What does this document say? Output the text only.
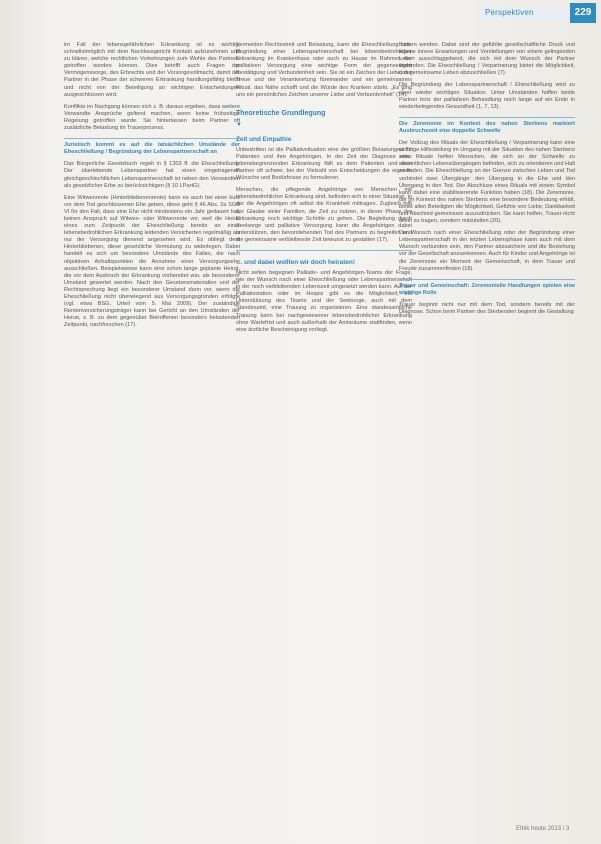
Perspektiven	229

im Fall der lebensgefährlichen Erkrankung ist es wichtig, schnellstmöglich mit dem Nachlassgericht Kontakt aufzunehmen und zu klären, welche rechtlichen Vorkehrungen zum Wohle des Partners getroffen werden können. Dies betrifft auch Fragen der Vermögenssorge, des Erbrechts und der Vorsorgevollmacht, damit der Partner in der Phase der schweren Erkrankung handlungsfähig bleibt und nicht von der Beteiligung an wichtigen Entscheidungen ausgeschlossen wird.

Konflikte im Nachgang können sich z. B. daraus ergeben, dass weitere Verwandte Ansprüche geltend machen, wenn keine frühzeitige Regelung getroffen wurde. Sie hinterlassen beim Partner oft zusätzliche Belastung im Trauerprozess.

Juristisch kommt es auf die tatsächlichen Umstände der Eheschließung / Begründung der Lebenspartnerschaft an

Das Bürgerliche Gesetzbuch regelt in § 1303 ff. die Eheschließung. Der überlebende Lebenspartner hat einen eingetragenen gleichgeschlechtlichen Lebenspartnerschaft ist neben den Verwandten als gesetzlicher Erbe zu berücksichtigen (§ 10 LPartG).

Eine Witwenrente (Hinterbliebenenrente) kann es auch bei einer kurz vor dem Tod geschlossenen Ehe geben, diese geht § 46 Abs. 2a SGB VI für den Fall, dass eine Ehe nicht mindestens ein Jahr gedauert hat, keinen Anspruch auf Witwen- oder Witwerrente vor, weil die Heirat eines zum Zeitpunkt der Eheschließung bereits an einer lebensbedrohlichen Erkrankung leidenden Versicherten regelmäßig als nur der Versorgung dienend angesehen wird. Es obliegt dem Hinterbliebenen, diese gesetzliche Vermutung zu widerlegen. Dabei handelt es sich um besondere Umstände des Falles, die nach objektiven Anhaltspunkten die Annahme einer Versorgungsehe ausschließen. Beispielsweise kann eine schon lange geplante Heirat, die vor dem Ausbruch der Erkrankung vorbereitet war, als besonderer Umstand gewertet werden. Nach den Gesetzesmaterialien und der Rechtsprechung liegt ein besonderer Umstand dann vor, wenn die Eheschließung nicht überwiegend aus Versorgungsgründen erfolgte (vgl. etwa BSG, Urteil vom 5. Mai 2009). Der zuständige Rentenversicherungsträger kann bei Gericht an den Umständen der Heirat, z. B. zu dem gegenüber Betroffenen besonders belastenden Zeitpunkt, nachforschen (17).

Vermeiden Rechtsstreit und Belastung, kann die Eheschließung bzw. Begründung einer Lebenspartnerschaft bei lebensbedrohlicher Erkrankung im Krankenhaus oder auch zu Hause im Rahmen der palliativen Versorgung eine wichtige Form der gegenseitigen Bestätigung und Verbundenheit sein. Sie ist ein Zeichen der Liebe, der Treue und der Verantwortung füreinander und ein gemeinsames Ritual, das Nähe schafft und die Würde des Kranken stärkt. „Es ging uns ein persönliches Zeichen unserer Liebe und Verbundenheit“ (14).

Theoretische Grundlegung
▼
Zeit und Empathie

Unbestritten ist die Palliativsituation eine der größten Belastungen für Patienten und ihre Angehörigen. In der Zeit der Diagnose einer lebensbegrenzenden Erkrankung fällt es dem Patienten und dem Partner oft schwer, bei der Vielzahl von Entscheidungen die eigenen Wünsche und Bedürfnisse zu formulieren.

Menschen, die pflegende Angehörige von Menschen mit lebensbedrohlicher Erkrankung sind, befinden sich in einer Situation, in der die Angehörigen oft selbst die Krankheit mittragen. Zugleich hilft der Glaube vieler Familien, die Zeit zu nutzen, in dieser Phase der Erkrankung noch wichtige Schritte zu gehen. Die Begleitung durch Seelsorge und palliative Versorgung kann die Angehörigen dabei unterstützen, den bevorstehenden Tod des Partners zu begreifen und die gemeinsame verbleibende Zeit bewusst zu gestalten (17).

… und dabei wollten wir doch heiraten!

Nicht selten begegnen Palliativ- und Angehörigen-Teams der Frage, wie der Wunsch nach einer Eheschließung oder Lebenspartnerschaft in der noch verbleibenden Lebenszeit umgesetzt werden kann. Auf der Palliativstation oder im Hospiz gibt es die Möglichkeit, mit Unterstützung des Teams und der Seelsorge, auch mit dem Standesamt, eine Trauung zu organisieren. Eine standesamtliche Trauung kann bei nachgewiesener lebensbedrohlicher Erkrankung ohne Wartefrist und auch außerhalb der Amtsräume stattfinden, wenn eine ärztliche Bescheinigung vorliegt.

fordern werden. Dabei sind der gefühlte gesellschaftliche Druck und eigene innere Erwartungen und Vorstellungen von einem gelingenden Leben ausschlaggebend, die sich mit dem Wunsch der Partner verbinden. Die Eheschließung / Verpartnerung bietet die Möglichkeit, das gemeinsame Leben abzuschließen (7).

Die Begründung der Lebenspartnerschaft / Eheschließung wird zu einer wieder wichtigen Situation. Unter Umständen hoffen beide Partner trotz der palliativen Behandlung noch lange auf ein Ende in wiederbelegendes Gesundheit (1, 7, 13).

Die Zeremonie im Kontext des nahen Sterbens markiert Ausbruchszeit eine doppelte Schwelle

Der Vollzug des Rituals der Eheschließung / Verpartnerung kann eine wichtige Hilfestellung im Umgang mit der Situation des nahen Sterbens sein. Rituale helfen Menschen, die sich an der Schwelle zu wesentlichen Lebensübergängen befinden, sich zu orientieren und Halt zu finden. Die Eheschließung an der Grenze zwischen Leben und Tod verbindet zwei Übergänge: den Übergang in die Ehe und den Übergang in den Tod. Der Abschluss eines Rituals mit einem Symbol kann dabei eine stabilisierende Funktion haben (18). Die Zeremonie, die im Kontext des nahen Sterbens eine besondere Bedeutung erhält, bietet allen Beteiligten die Möglichkeit, Gefühle von Liebe, Dankbarkeit und Abschied gemeinsam auszudrücken. Sie kann helfen, Trauer nicht allein zu tragen, sondern mitzuteilen (20).

Der Wunsch nach einer Eheschließung oder der Begründung einer Lebenspartnerschaft in der letzten Lebensphase kann auch mit dem Wunsch verbunden sein, den Partner abzusichern und die Beziehung vor der Gesellschaft anzuerkennen. Auch für Kinder und Angehörige ist die Zeremonie ein Moment der Gemeinschaft, in dem Trauer und Freude zusammenfinden (18).

Trauer und Gemeinschaft: Zeremonielle Handlungen spielen eine wichtige Rolle

Trauer beginnt nicht nur mit dem Tod, sondern bereits mit der Diagnose. Schon beim Partner des Sterbenden beginnt die Gestaltung

Ethik heute 2013 / 3
